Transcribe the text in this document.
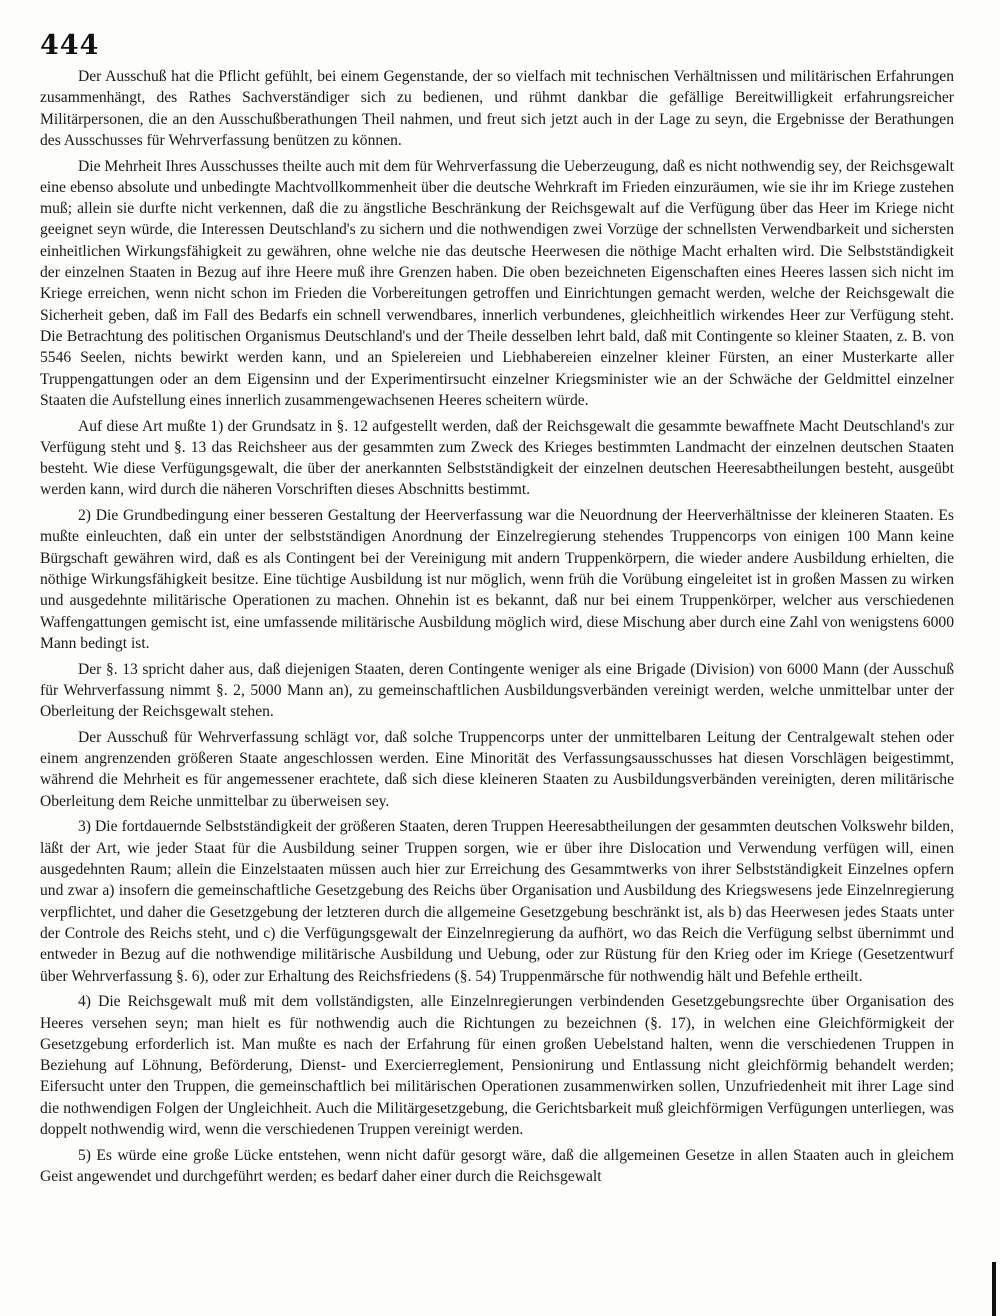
444

Der Ausschuß hat die Pflicht gefühlt, bei einem Gegenstande, der so vielfach mit technischen Verhältnissen und militärischen Erfahrungen zusammenhängt, des Rathes Sachverständiger sich zu bedienen, und rühmt dankbar die gefällige Bereitwilligkeit erfahrungsreicher Militärpersonen, die an den Ausschußberathungen Theil nahmen, und freut sich jetzt auch in der Lage zu seyn, die Ergebnisse der Berathungen des Ausschusses für Wehrverfassung benützen zu können.

Die Mehrheit Ihres Ausschusses theilte auch mit dem für Wehrverfassung die Ueberzeugung, daß es nicht nothwendig sey, der Reichsgewalt eine ebenso absolute und unbedingte Machtvollkommenheit über die deutsche Wehrkraft im Frieden einzuräumen, wie sie ihr im Kriege zustehen muß; allein sie durfte nicht verkennen, daß die zu ängstliche Beschränkung der Reichsgewalt auf die Verfügung über das Heer im Kriege nicht geeignet seyn würde, die Interessen Deutschland's zu sichern und die nothwendigen zwei Vorzüge der schnellsten Verwendbarkeit und sichersten einheitlichen Wirkungsfähigkeit zu gewähren, ohne welche nie das deutsche Heerwesen die nöthige Macht erhalten wird. Die Selbstständigkeit der einzelnen Staaten in Bezug auf ihre Heere muß ihre Grenzen haben. Die oben bezeichneten Eigenschaften eines Heeres lassen sich nicht im Kriege erreichen, wenn nicht schon im Frieden die Vorbereitungen getroffen und Einrichtungen gemacht werden, welche der Reichsgewalt die Sicherheit geben, daß im Fall des Bedarfs ein schnell verwendbares, innerlich verbundenes, gleichheitlich wirkendes Heer zur Verfügung steht. Die Betrachtung des politischen Organismus Deutschland's und der Theile desselben lehrt bald, daß mit Contingente so kleiner Staaten, z. B. von 5546 Seelen, nichts bewirkt werden kann, und an Spielereien und Liebhabereien einzelner kleiner Fürsten, an einer Musterkarte aller Truppengattungen oder an dem Eigensinn und der Experimentirsucht einzelner Kriegsminister wie an der Schwäche der Geldmittel einzelner Staaten die Aufstellung eines innerlich zusammengewachsenen Heeres scheitern würde.

Auf diese Art mußte 1) der Grundsatz in §. 12 aufgestellt werden, daß der Reichsgewalt die gesammte bewaffnete Macht Deutschland's zur Verfügung steht und §. 13 das Reichsheer aus der gesammten zum Zweck des Krieges bestimmten Landmacht der einzelnen deutschen Staaten besteht. Wie diese Verfügungsgewalt, die über der anerkannten Selbstständigkeit der einzelnen deutschen Heeresabtheilungen besteht, ausgeübt werden kann, wird durch die näheren Vorschriften dieses Abschnitts bestimmt.

2) Die Grundbedingung einer besseren Gestaltung der Heerverfassung war die Neuordnung der Heerverhältnisse der kleineren Staaten. Es mußte einleuchten, daß ein unter der selbstständigen Anordnung der Einzelregierung stehendes Truppencorps von einigen 100 Mann keine Bürgschaft gewähren wird, daß es als Contingent bei der Vereinigung mit andern Truppenkörpern, die wieder andere Ausbildung erhielten, die nöthige Wirkungsfähigkeit besitze. Eine tüchtige Ausbildung ist nur möglich, wenn früh die Vorübung eingeleitet ist in großen Massen zu wirken und ausgedehnte militärische Operationen zu machen. Ohnehin ist es bekannt, daß nur bei einem Truppenkörper, welcher aus verschiedenen Waffengattungen gemischt ist, eine umfassende militärische Ausbildung möglich wird, diese Mischung aber durch eine Zahl von wenigstens 6000 Mann bedingt ist.

Der §. 13 spricht daher aus, daß diejenigen Staaten, deren Contingente weniger als eine Brigade (Division) von 6000 Mann (der Ausschuß für Wehrverfassung nimmt §. 2, 5000 Mann an), zu gemeinschaftlichen Ausbildungsverbänden vereinigt werden, welche unmittelbar unter der Oberleitung der Reichsgewalt stehen.

Der Ausschuß für Wehrverfassung schlägt vor, daß solche Truppencorps unter der unmittelbaren Leitung der Centralgewalt stehen oder einem angrenzenden größeren Staate angeschlossen werden. Eine Minorität des Verfassungsausschusses hat diesen Vorschlägen beigestimmt, während die Mehrheit es für angemessener erachtete, daß sich diese kleineren Staaten zu Ausbildungsverbänden vereinigten, deren militärische Oberleitung dem Reiche unmittelbar zu überweisen sey.

3) Die fortdauernde Selbstständigkeit der größeren Staaten, deren Truppen Heeresabtheilungen der gesammten deutschen Volkswehr bilden, läßt der Art, wie jeder Staat für die Ausbildung seiner Truppen sorgen, wie er über ihre Dislocation und Verwendung verfügen will, einen ausgedehnten Raum; allein die Einzelstaaten müssen auch hier zur Erreichung des Gesammtwerks von ihrer Selbstständigkeit Einzelnes opfern und zwar a) insofern die gemeinschaftliche Gesetzgebung des Reichs über Organisation und Ausbildung des Kriegswesens jede Einzelnregierung verpflichtet, und daher die Gesetzgebung der letzteren durch die allgemeine Gesetzgebung beschränkt ist, als b) das Heerwesen jedes Staats unter der Controle des Reichs steht, und c) die Verfügungsgewalt der Einzelnregierung da aufhört, wo das Reich die Verfügung selbst übernimmt und entweder in Bezug auf die nothwendige militärische Ausbildung und Uebung, oder zur Rüstung für den Krieg oder im Kriege (Gesetzentwurf über Wehrverfassung §. 6), oder zur Erhaltung des Reichsfriedens (§. 54) Truppenmärsche für nothwendig hält und Befehle ertheilt.

4) Die Reichsgewalt muß mit dem vollständigsten, alle Einzelnregierungen verbindenden Gesetzgebungsrechte über Organisation des Heeres versehen seyn; man hielt es für nothwendig auch die Richtungen zu bezeichnen (§. 17), in welchen eine Gleichförmigkeit der Gesetzgebung erforderlich ist. Man mußte es nach der Erfahrung für einen großen Uebelstand halten, wenn die verschiedenen Truppen in Beziehung auf Löhnung, Beförderung, Dienst- und Exercierreglement, Pensionirung und Entlassung nicht gleichförmig behandelt werden; Eifersucht unter den Truppen, die gemeinschaftlich bei militärischen Operationen zusammenwirken sollen, Unzufriedenheit mit ihrer Lage sind die nothwendigen Folgen der Ungleichheit. Auch die Militärgesetzgebung, die Gerichtsbarkeit muß gleichförmigen Verfügungen unterliegen, was doppelt nothwendig wird, wenn die verschiedenen Truppen vereinigt werden.

5) Es würde eine große Lücke entstehen, wenn nicht dafür gesorgt wäre, daß die allgemeinen Gesetze in allen Staaten auch in gleichem Geist angewendet und durchgeführt werden; es bedarf daher einer durch die Reichsgewalt
